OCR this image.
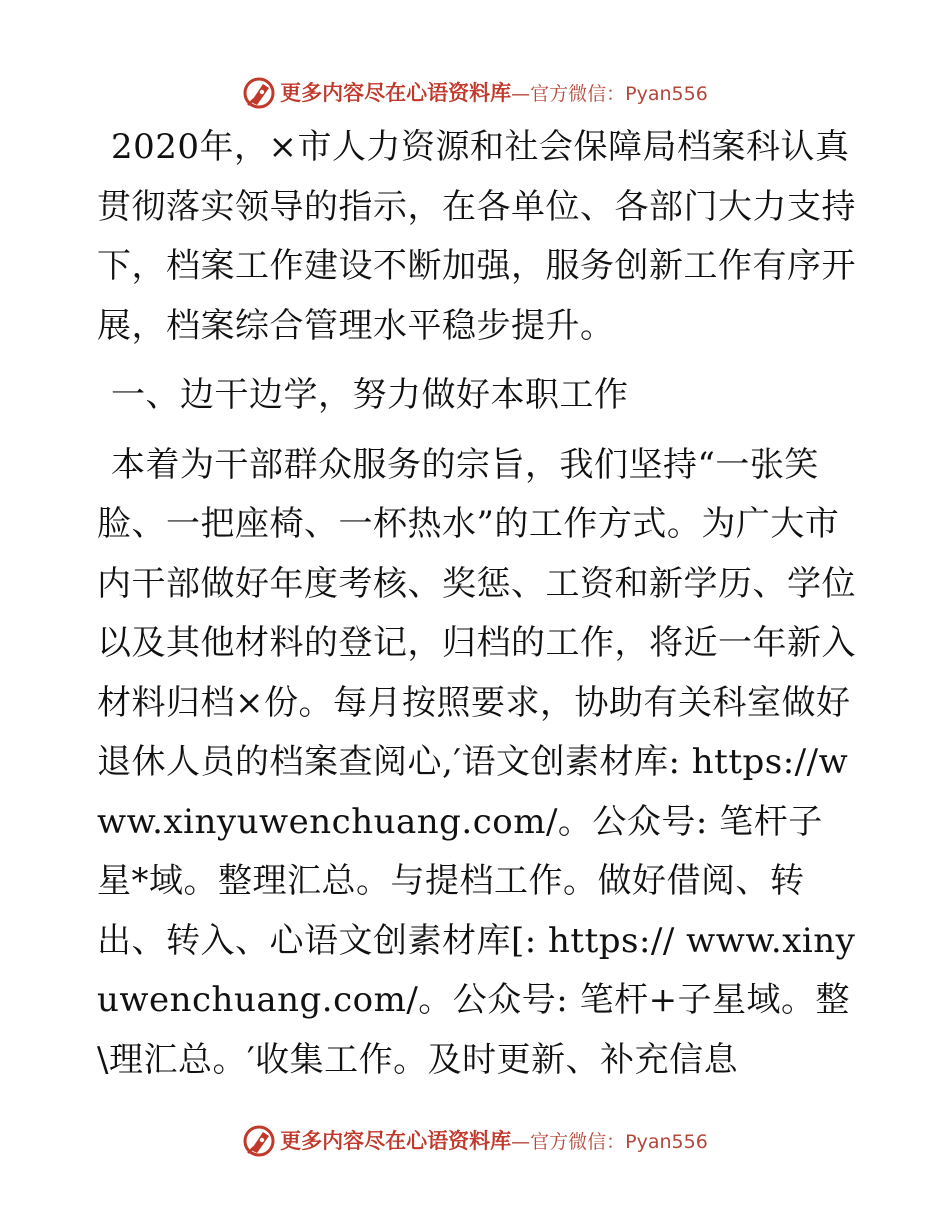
更多内容尽在心语资料库 —官方微信：Pyan556

2020年，×市人力资源和社会保障局档案科认真贯彻落实领导的指示，在各单位、各部门大力支持下，档案工作建设不断加强，服务创新工作有序开展，档案综合管理水平稳步提升。

一、边干边学，努力做好本职工作

本着为干部群众服务的宗旨，我们坚持“一张笑脸、一把座椅、一杯热水”的工作方式。为广大市内干部做好年度考核、奖惩、工资和新学历、学位以及其他材料的登记，归档的工作，将近一年新入材料归档×份。每月按照要求，协助有关科室做好退休人员的档案查阅心,′语文创素材库: https://www.xinyuwenchuang.com/。公众号: 笔杆子星*域。整理汇总。与提档工作。做好借阅、转出、转入、心语文创素材库[: https:// www.xinyuwenchuang.com/。公众号: 笔杆+子星域。整\理汇总。′收集工作。及时更新、补充信息

更多内容尽在心语资料库 —官方微信：Pyan556
